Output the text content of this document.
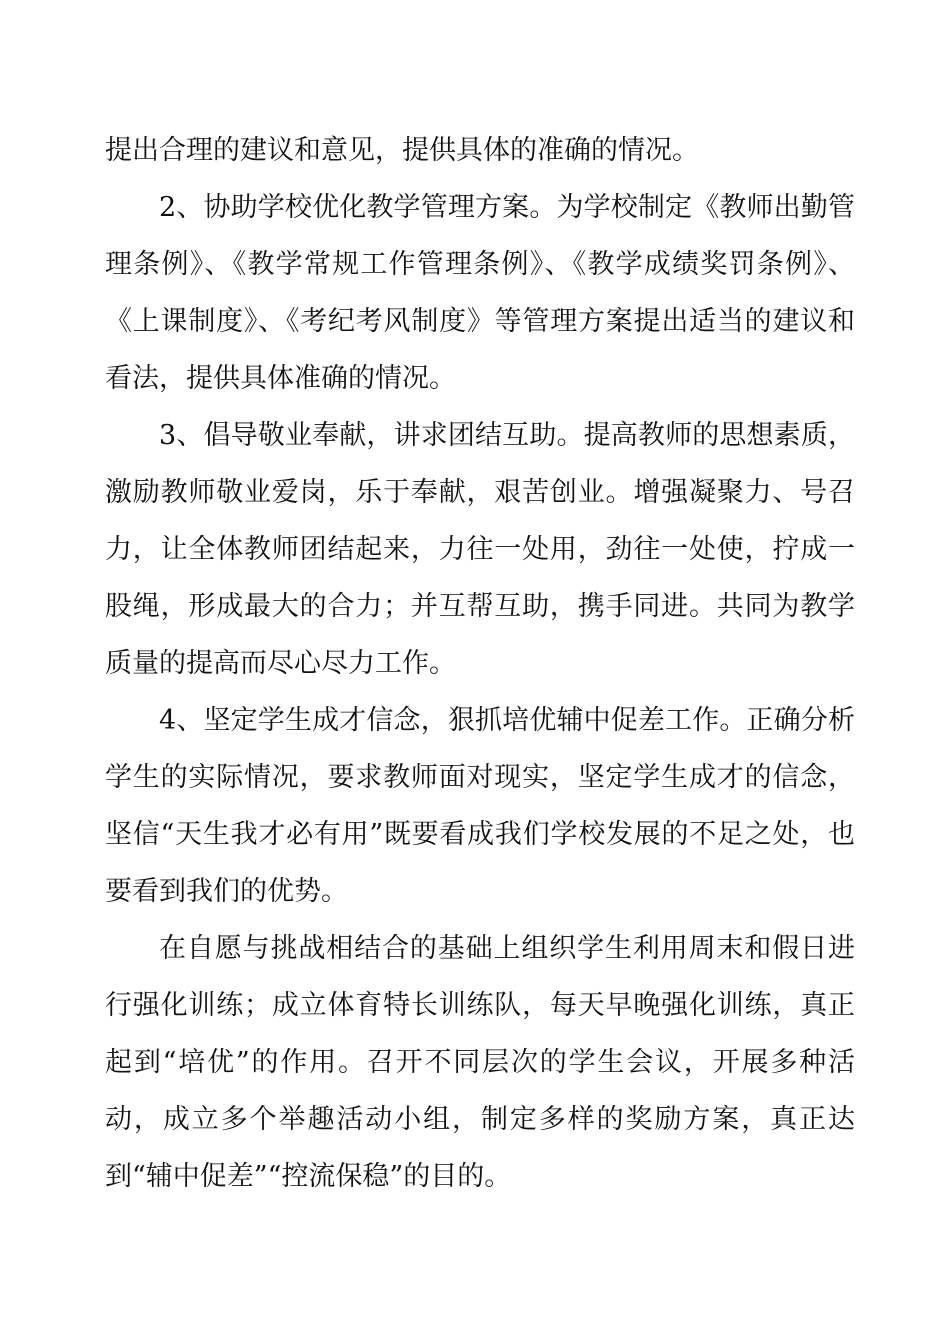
提出合理的建议和意见，提供具体的准确的情况。

2、协助学校优化教学管理方案。为学校制定《教师出勤管理条例》、《教学常规工作管理条例》、《教学成绩奖罚条例》、《上课制度》、《考纪考风制度》等管理方案提出适当的建议和看法，提供具体准确的情况。

3、倡导敬业奉献，讲求团结互助。提高教师的思想素质，激励教师敬业爱岗，乐于奉献，艰苦创业。增强凝聚力、号召力，让全体教师团结起来，力往一处用，劲往一处使，拧成一股绳，形成最大的合力；并互帮互助，携手同进。共同为教学质量的提高而尽心尽力工作。

4、坚定学生成才信念，狠抓培优辅中促差工作。正确分析学生的实际情况，要求教师面对现实，坚定学生成才的信念，坚信“天生我才必有用”既要看成我们学校发展的不足之处，也要看到我们的优势。

在自愿与挑战相结合的基础上组织学生利用周末和假日进行强化训练；成立体育特长训练队，每天早晚强化训练，真正起到“培优”的作用。召开不同层次的学生会议，开展多种活动，成立多个举趣活动小组，制定多样的奖励方案，真正达到“辅中促差”“控流保稳”的目的。
